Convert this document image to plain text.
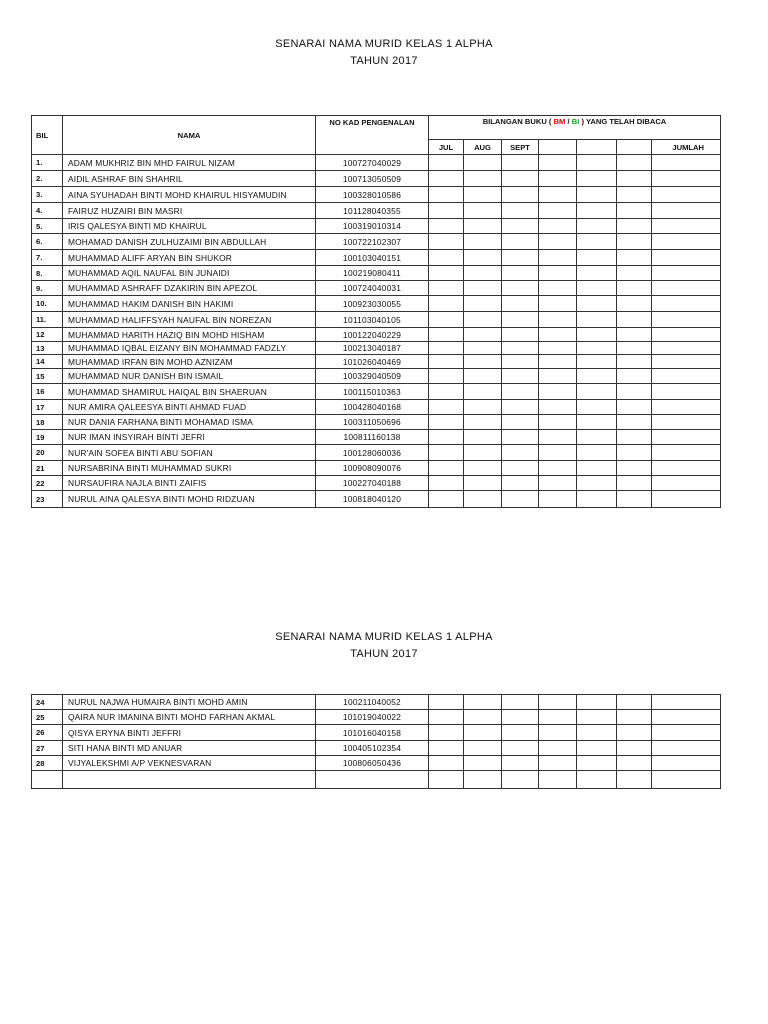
SENARAI NAMA MURID KELAS 1 ALPHA
TAHUN 2017
BIL	NAMA	NO KAD PENGENALAN	BILANGAN BUKU ( BM / BI ) YANG TELAH DIBACA						
			JUL	AUG	SEPT				JUMLAH
1.	ADAM MUKHRIZ BIN MHD FAIRUL NIZAM	100727040029							
2.	AIDIL ASHRAF BIN SHAHRIL	100713050509							
3.	AINA SYUHADAH BINTI MOHD KHAIRUL HISYAMUDIN	100328010586							
4.	FAIRUZ HUZAIRI BIN MASRI	101128040355							
5.	IRIS QALESYA BINTI MD KHAIRUL	100319010314							
6.	MOHAMAD DANISH ZULHUZAIMI BIN ABDULLAH	100722102307							
7.	MUHAMMAD ALIFF ARYAN BIN SHUKOR	100103040151							
8.	MUHAMMAD AQIL NAUFAL BIN JUNAIDI	100219080411							
9.	MUHAMMAD ASHRAFF DZAKIRIN BIN APEZOL	100724040031							
10.	MUHAMMAD HAKIM DANISH BIN HAKIMI	100923030055							
11.	MUHAMMAD HALIFFSYAH NAUFAL BIN NOREZAN	101103040105							
12	MUHAMMAD HARITH HAZIQ BIN MOHD HISHAM	100122040229							
13	MUHAMMAD IQBAL EIZANY BIN MOHAMMAD FADZLY	100213040187							
14	MUHAMMAD IRFAN BIN MOHD AZNIZAM	101026040469							
15	MUHAMMAD NUR DANISH BIN ISMAIL	100329040509							
16	MUHAMMAD SHAMIRUL HAIQAL BIN SHAERUAN	100115010363							
17	NUR AMIRA QALEESYA BINTI AHMAD FUAD	100428040168							
18	NUR DANIA FARHANA BINTI MOHAMAD ISMA	100311050696							
19	NUR IMAN INSYIRAH BINTI JEFRI	100811160138							
20	NUR'AIN SOFEA BINTI ABU SOFIAN	100128060036							
21	NURSABRINA BINTI MUHAMMAD SUKRI	100908090076							
22	NURSAUFIRA NAJLA BINTI ZAIFIS	100227040188							
23	NURUL AINA QALESYA BINTI MOHD RIDZUAN	100818040120							
SENARAI NAMA MURID KELAS 1 ALPHA
TAHUN 2017
24	NURUL NAJWA HUMAIRA BINTI MOHD AMIN	100211040052							
25	QAIRA NUR IMANINA BINTI MOHD FARHAN AKMAL	101019040022							
26	QISYA ERYNA BINTI JEFFRI	101016040158							
27	SITI HANA BINTI MD ANUAR	100405102354							
28	VIJYALEKSHMI A/P VEKNESVARAN	100806050436							
